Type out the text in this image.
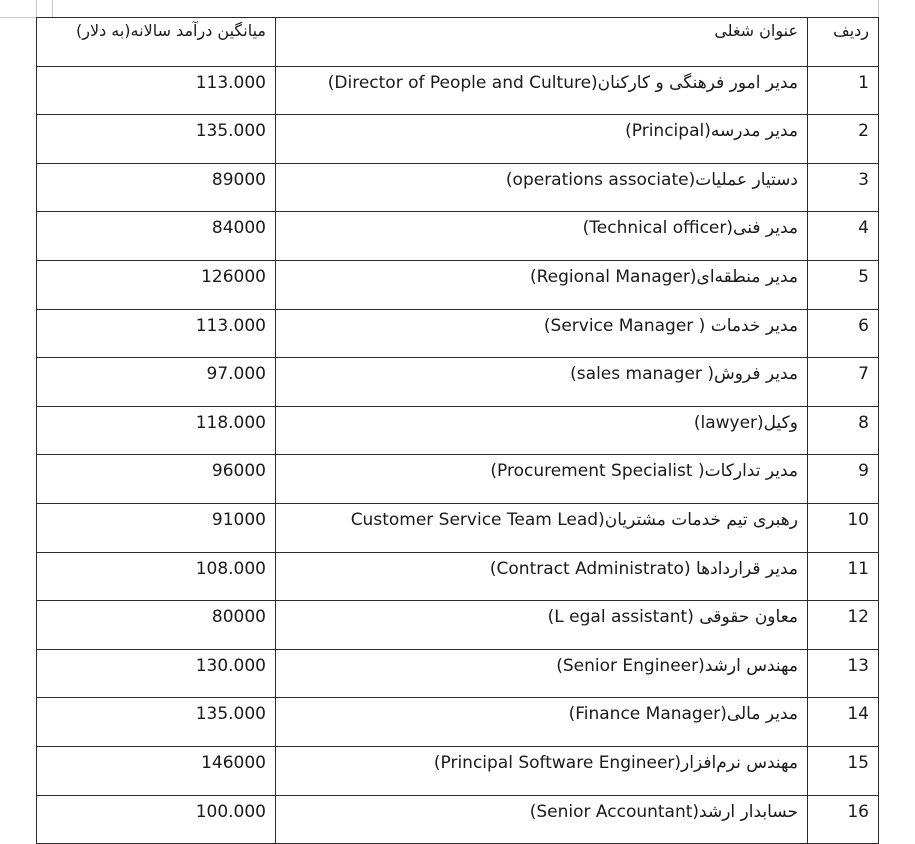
میانگین درآمد سالانه(به دلار)	عنوان شغلی	ردیف

113.000	مدیر امور فرهنگی و کارکنان(Director of People and Culture)	1

135.000	مدیر مدرسه(Principal)	2

89000	دستیار عملیات(operations associate)	3

84000	مدیر فنی(Technical officer)	4

126000	مدیر منطقه‌ای(Regional Manager)	5

113.000	مدیر خدمات ( Service Manager)	6

97.000	مدیر فروش( sales manager)	7

118.000	وکیل(lawyer)	8

96000	مدیر تدارکات( Procurement Specialist)	9

91000	رهبری تیم خدمات مشتریان(Customer Service Team Lead	10

108.000	مدیر قراردادها (Contract Administrato)	11

80000	معاون حقوقی (L egal assistant)	12

130.000	مهندس ارشد(Senior Engineer)	13

135.000	مدیر مالی(Finance Manager)	14

146000	مهندس نرم‌افزار(Principal Software Engineer)	15

100.000	حسابدار ارشد(Senior Accountant)	16
